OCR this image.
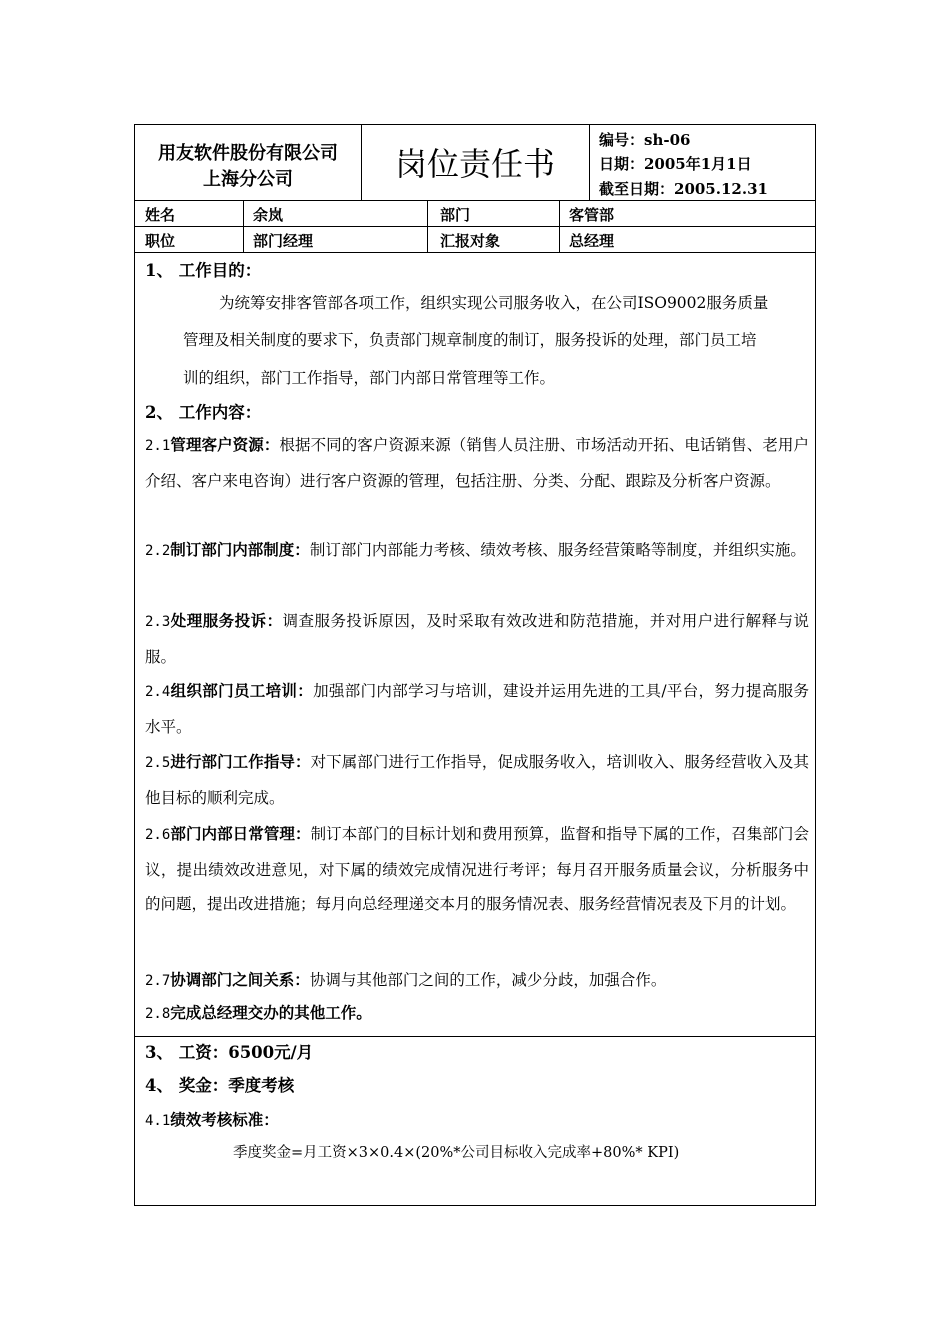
用友软件股份有限公司
上海分公司	岗位责任书
编号：sh-06
日期：2005年1月1日
截至日期：2005.12.31
姓名	余岚	部门	客管部
职位	部门经理	汇报对象	总经理
1、 工作目的：
为统筹安排客管部各项工作，组织实现公司服务收入，在公司ISO9002服务质量
管理及相关制度的要求下，负责部门规章制度的制订，服务投诉的处理，部门员工培
训的组织，部门工作指导，部门内部日常管理等工作。
2、 工作内容：
2.1管理客户资源：根据不同的客户资源来源（销售人员注册、市场活动开拓、电话销售、老用户介绍、客户来电咨询）进行客户资源的管理，包括注册、分类、分配、跟踪及分析客户资源。
2.2制订部门内部制度：制订部门内部能力考核、绩效考核、服务经营策略等制度，并组织实施。
2.3处理服务投诉：调查服务投诉原因，及时采取有效改进和防范措施，并对用户进行解释与说服。
2.4组织部门员工培训：加强部门内部学习与培训，建设并运用先进的工具/平台，努力提高服务水平。
2.5进行部门工作指导：对下属部门进行工作指导，促成服务收入，培训收入、服务经营收入及其他目标的顺利完成。
2.6部门内部日常管理：制订本部门的目标计划和费用预算，监督和指导下属的工作，召集部门会议，提出绩效改进意见，对下属的绩效完成情况进行考评；每月召开服务质量会议，分析服务中的问题，提出改进措施；每月向总经理递交本月的服务情况表、服务经营情况表及下月的计划。
2.7协调部门之间关系：协调与其他部门之间的工作，减少分歧，加强合作。
2.8完成总经理交办的其他工作。
3、 工资：6500元/月
4、 奖金：季度考核
4.1绩效考核标准：
季度奖金=月工资×3×0.4×(20%*公司目标收入完成率+80%* KPI)
